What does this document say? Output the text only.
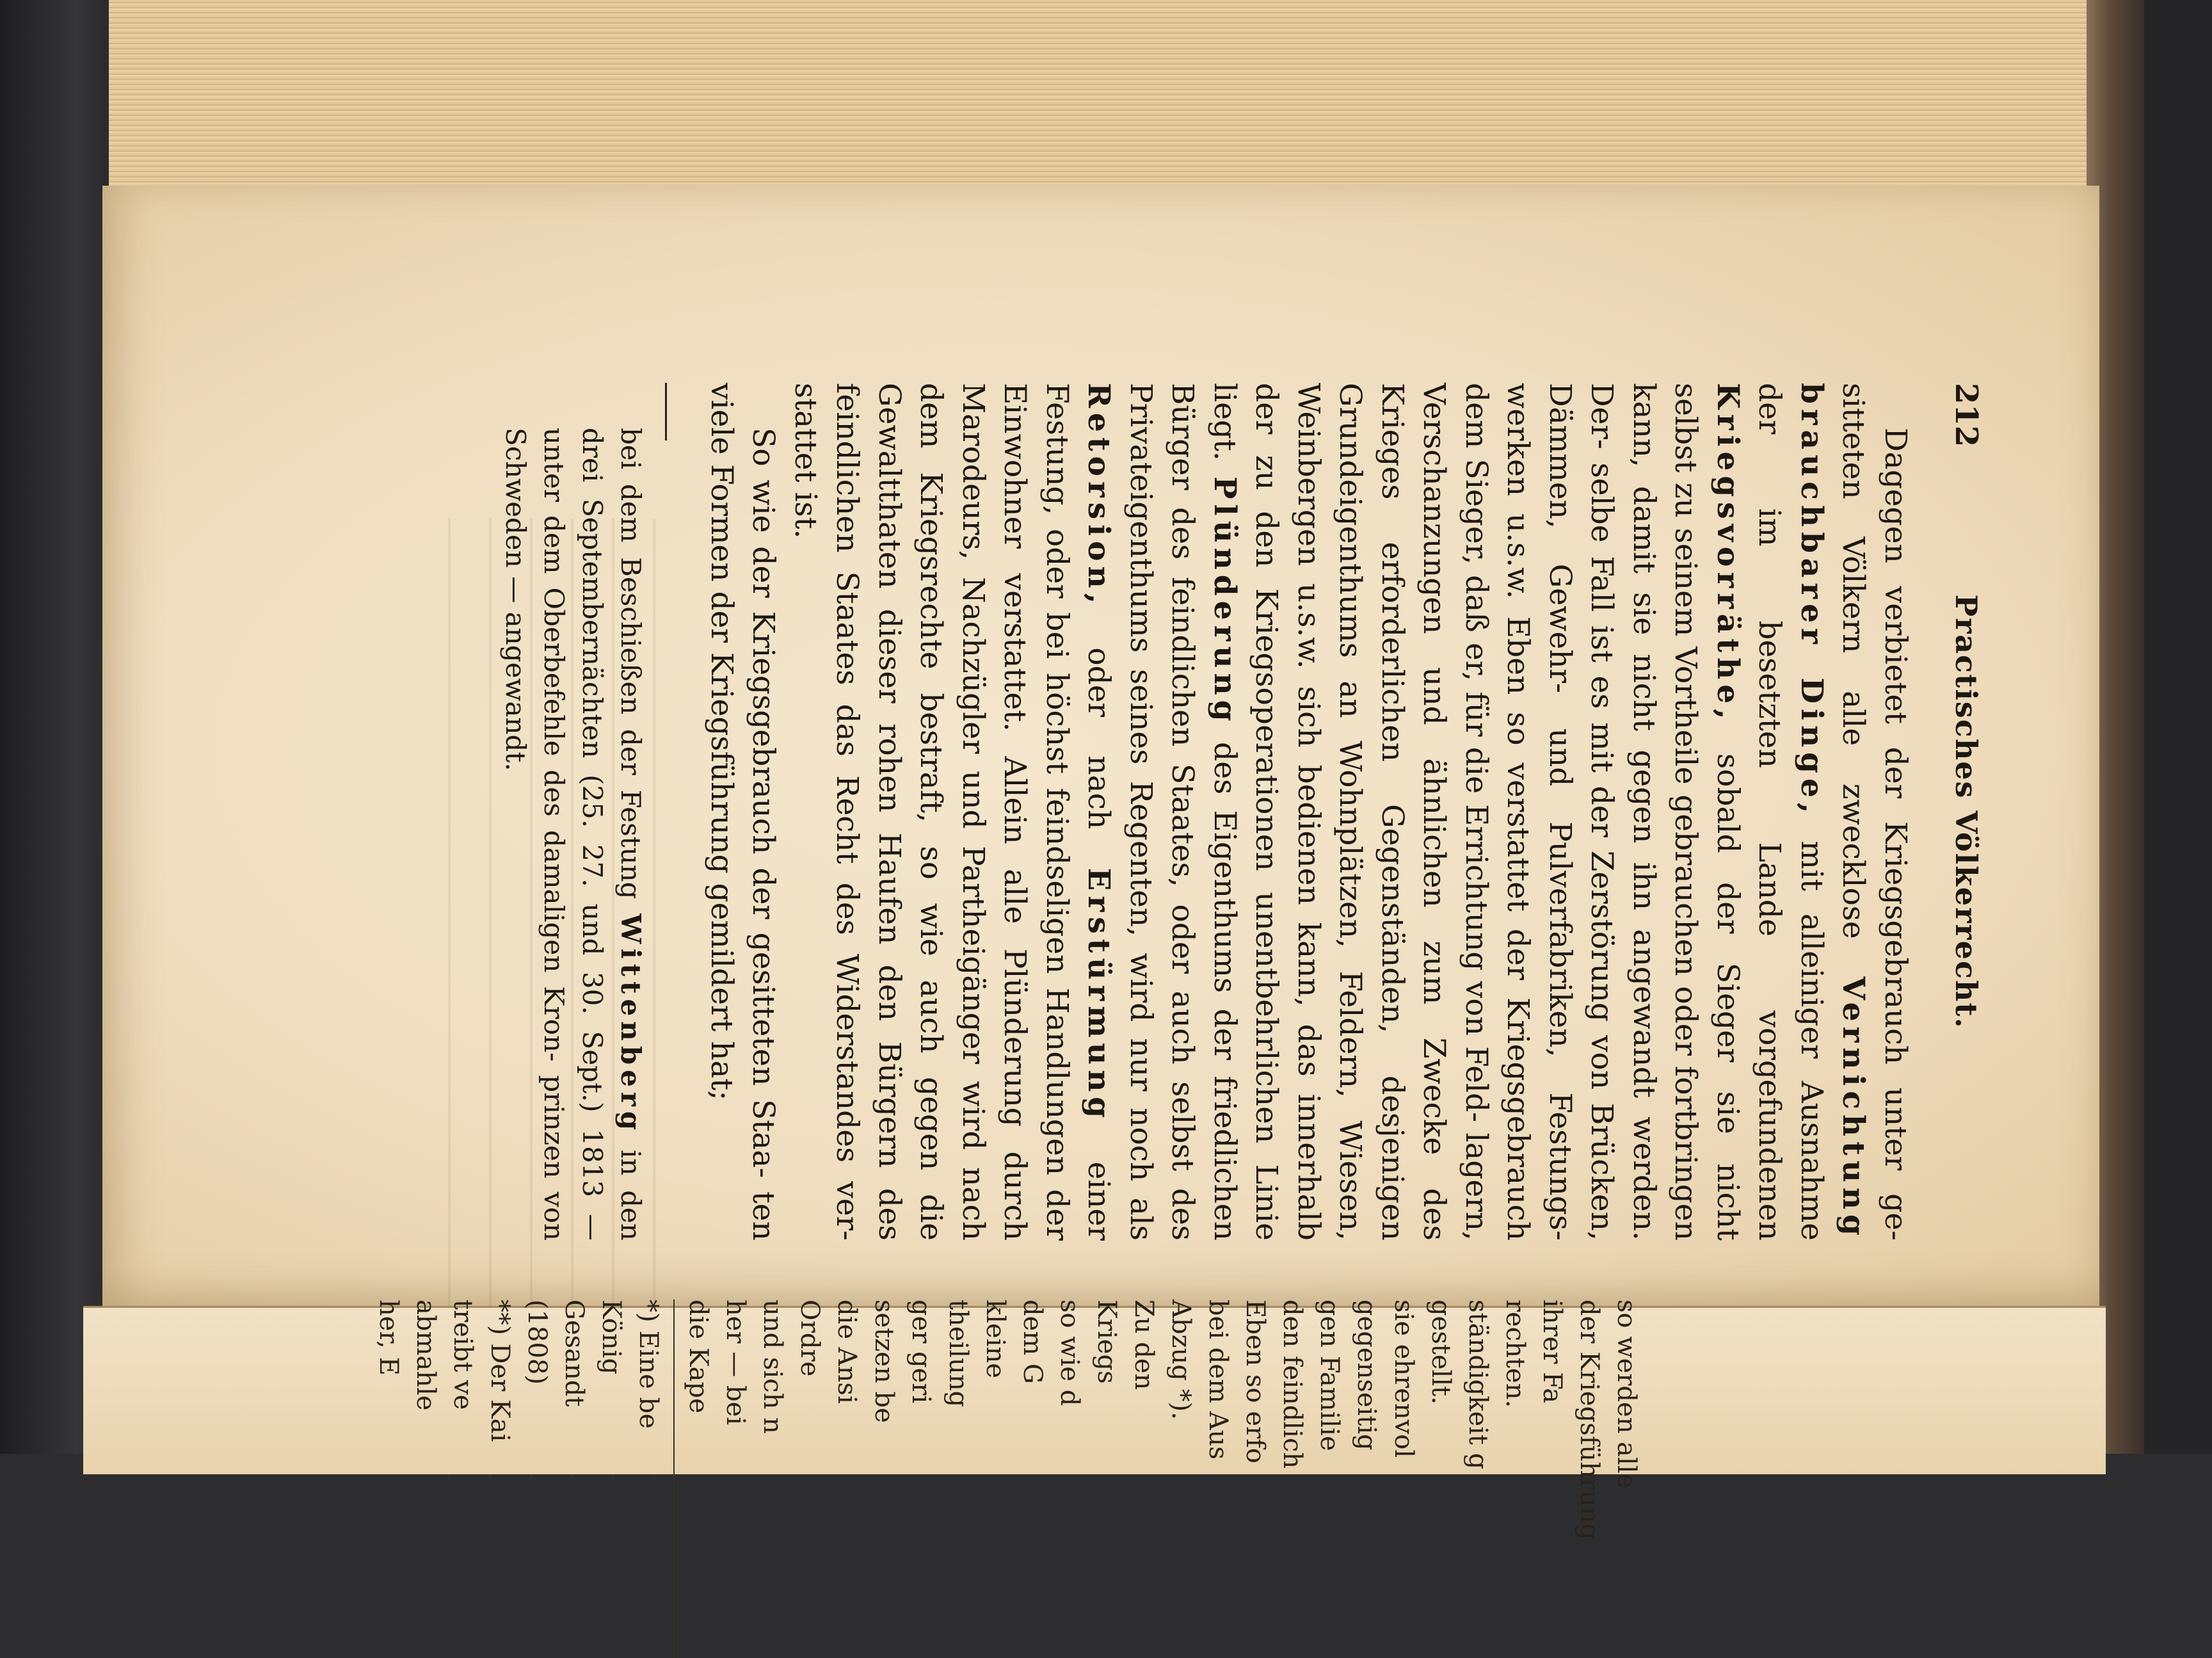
212
Practisches Völkerrecht.

Dagegen verbietet der Kriegsgebrauch unter ge- sitteten Völkern alle zwecklose Vernichtung brauchbarer Dinge, mit alleiniger Ausnahme der im besetzten Lande vorgefundenen Kriegsvorräthe, sobald der Sieger sie nicht selbst zu seinem Vortheile gebrauchen oder fortbringen kann, damit sie nicht gegen ihn angewandt werden. Der- selbe Fall ist es mit der Zerstörung von Brücken, Dämmen, Gewehr- und Pulverfabriken, Festungs- werken u.s.w. Eben so verstattet der Kriegsgebrauch dem Sieger, daß er, für die Errichtung von Feld- lagern, Verschanzungen und ähnlichen zum Zwecke des Krieges erforderlichen Gegenständen, desjenigen Grundeigenthums an Wohnplätzen, Feldern, Wiesen, Weinbergen u.s.w. sich bedienen kann, das innerhalb der zu den Kriegsoperationen unentbehrlichen Linie liegt. Plünderung des Eigenthums der friedlichen Bürger des feindlichen Staates, oder auch selbst des Privateigenthums seines Regenten, wird nur noch als Retorsion, oder nach Erstürmung einer Festung, oder bei höchst feindseligen Handlungen der Einwohner verstattet. Allein alle Plünderung durch Marodeurs, Nachzügler und Partheigänger wird nach dem Kriegsrechte bestraft, so wie auch gegen die Gewaltthaten dieser rohen Haufen den Bürgern des feindlichen Staates das Recht des Widerstandes ver- stattet ist.

So wie der Kriegsgebrauch der gesitteten Staa- ten viele Formen der Kriegsführung gemildert hat;

bei dem Beschießen der Festung Wittenberg in den drei Septembernächten (25. 27. und 30. Sept.) 1813 — unter dem Oberbefehle des damaligen Kron- prinzen von Schweden — angewandt.
so werden alle
der Kriegsführung
ihrer Fa
rechten.
ständigkeit g
gestellt.
sie ehrenvol
gegenseitig
gen Familie
den feindlich
Eben so erfo
bei dem Aus
Abzug *).
Zu den
Kriegs
so wie d
dem G
kleine
theilung
ger geri
setzen be
die Ansi
Ordre
und sich n
her — bei
die Kape
*) Eine be
König
Gesandt
(1808)
**) Der Kai
treibt ve
abmahle
her, E
